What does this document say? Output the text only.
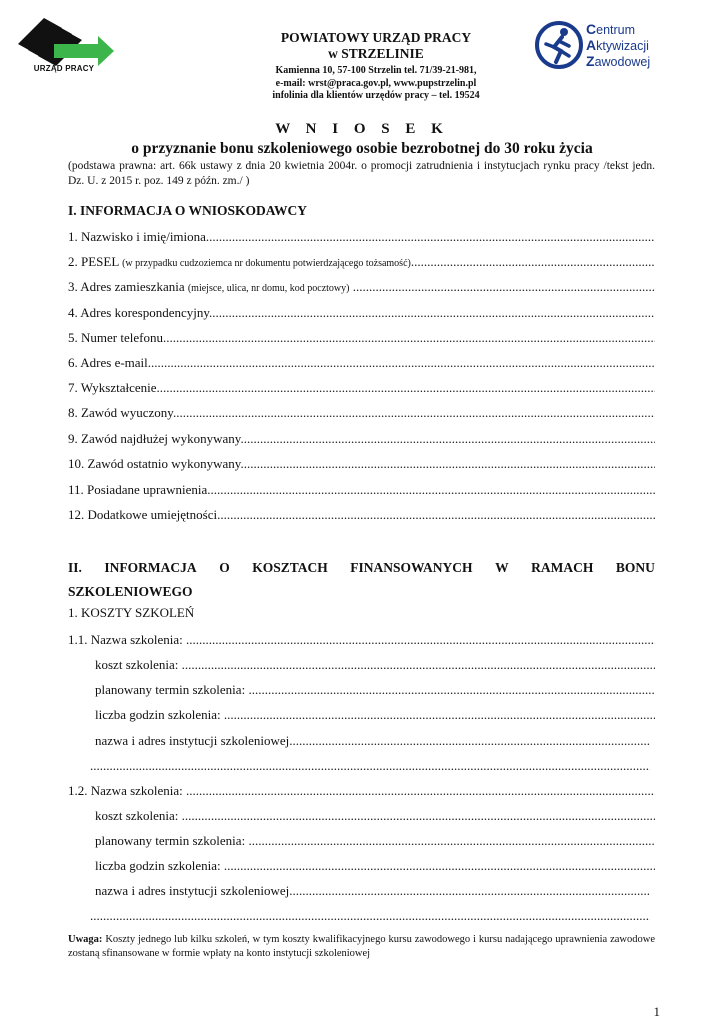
URZĄD PRACY
POWIATOWY URZĄD PRACY
w STRZELINIE
Kamienna 10, 57-100 Strzelin tel. 71/39-21-981,
e-mail: wrst@praca.gov.pl, www.pupstrzelin.pl
infolinia dla klientów urzędów pracy – tel. 19524
Centrum
Aktywizacji
Zawodowej
W N I O S E K
o przyznanie bonu szkoleniowego osobie bezrobotnej do 30 roku życia
(podstawa prawna: art. 66k ustawy z dnia 20 kwietnia 2004r. o promocji zatrudnienia i instytucjach rynku pracy /tekst jedn. Dz. U. z 2015 r. poz. 149 z późn. zm./ )
I. INFORMACJA O WNIOSKODAWCY
1. Nazwisko i imię/imiona .....
2. PESEL (w przypadku cudzoziemca nr dokumentu potwierdzającego tożsamość) .....
3. Adres zamieszkania (miejsce, ulica, nr domu, kod pocztowy) .....
4. Adres korespondencyjny .....
5. Numer telefonu .....
6. Adres e-mail .....
7. Wykształcenie .....
8. Zawód wyuczony .....
9. Zawód najdłużej wykonywany .....
10. Zawód ostatnio wykonywany .....
11. Posiadane uprawnienia .....
12. Dodatkowe umiejętności .....
II. INFORMACJA O KOSZTACH FINANSOWANYCH W RAMACH BONU
SZKOLENIOWEGO
1. KOSZTY SZKOLEŃ
1.1. Nazwa szkolenia: .....
koszt szkolenia: .....
planowany termin szkolenia: .....
liczba godzin szkolenia: .....
nazwa i adres instytucji szkoleniowej .....
.....
1.2. Nazwa szkolenia: .....
koszt szkolenia: .....
planowany termin szkolenia: .....
liczba godzin szkolenia: .....
nazwa i adres instytucji szkoleniowej .....
.....
Uwaga: Koszty jednego lub kilku szkoleń, w tym koszty kwalifikacyjnego kursu zawodowego i kursu nadającego uprawnienia zawodowe zostaną sfinansowane w formie wpłaty na konto instytucji szkoleniowej
1
